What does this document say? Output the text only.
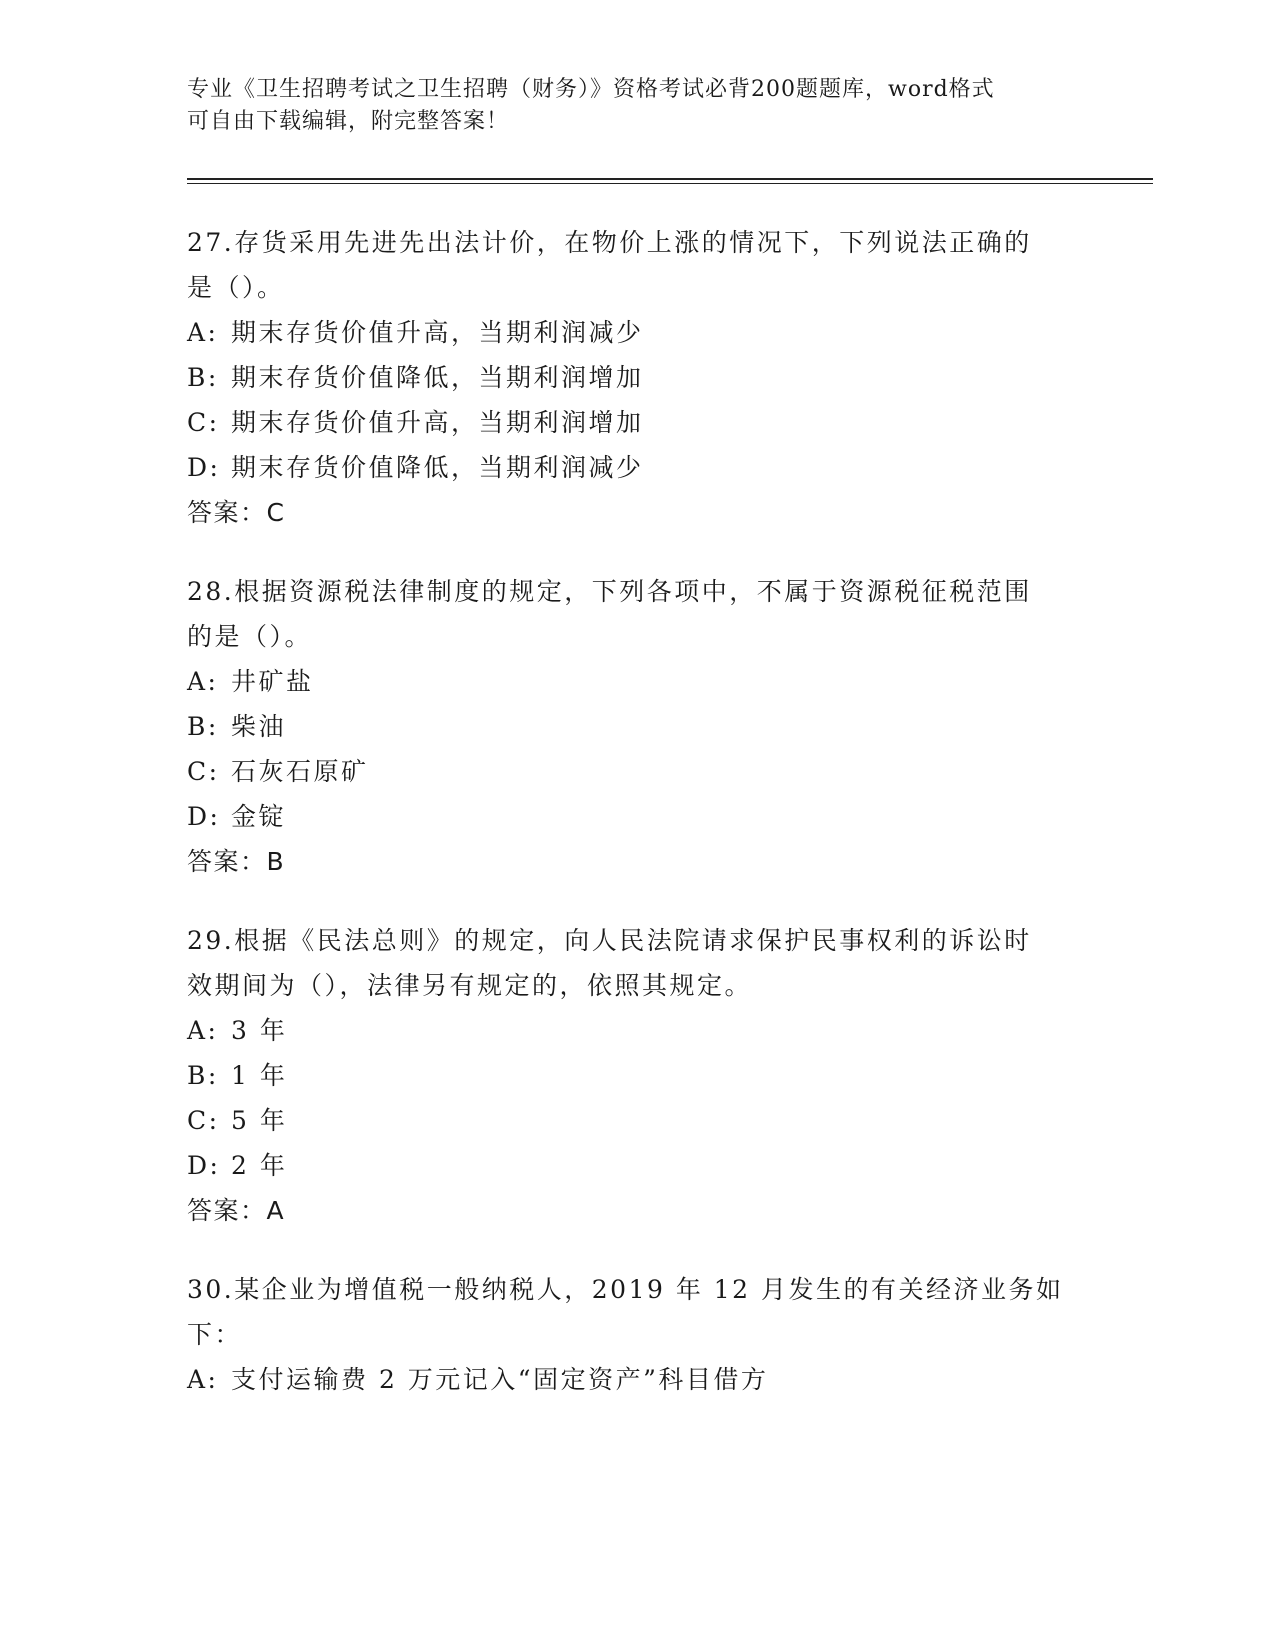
专业《卫生招聘考试之卫生招聘（财务）》资格考试必背200题题库，word格式
可自由下载编辑，附完整答案！

27.存货采用先进先出法计价，在物价上涨的情况下，下列说法正确的
是（）。

A: 期末存货价值升高，当期利润减少

B: 期末存货价值降低，当期利润增加

C: 期末存货价值升高，当期利润增加

D: 期末存货价值降低，当期利润减少

答案：C

28.根据资源税法律制度的规定，下列各项中，不属于资源税征税范围
的是（）。

A: 井矿盐

B: 柴油

C: 石灰石原矿

D: 金锭

答案：B

29.根据《民法总则》的规定，向人民法院请求保护民事权利的诉讼时
效期间为（），法律另有规定的，依照其规定。

A: 3 年

B: 1 年

C: 5 年

D: 2 年

答案：A

30.某企业为增值税一般纳税人，2019 年 12 月发生的有关经济业务如
下：

A: 支付运输费 2 万元记入“固定资产”科目借方
